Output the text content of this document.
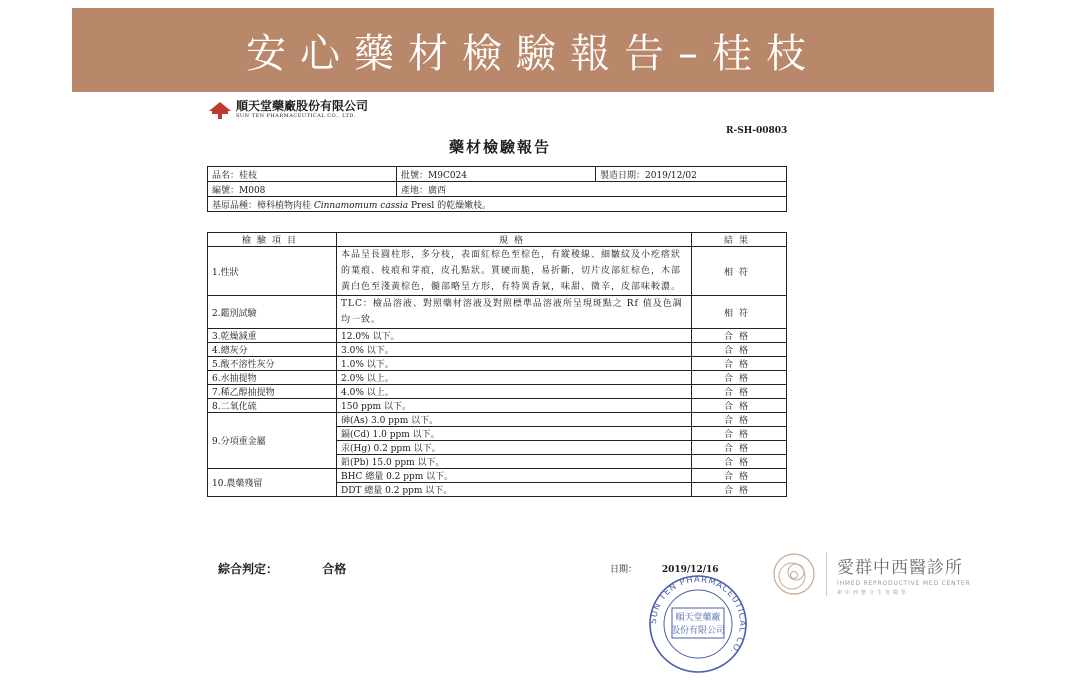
安心藥材檢驗報告–桂枝
順天堂藥廠股份有限公司
SUN TEN PHARMACEUTICAL CO., LTD.
R-SH-00803
藥材檢驗報告
品名：桂枝	批號：M9C024	製造日期：2019/12/02
編號：M008	產地：廣西	
基原品種：樟科植物肉桂 Cinnamomum cassia Presl 的乾燥嫩枝。		
檢驗項目	規格	結果
1.性狀	本品呈長圓柱形，多分枝，表面紅棕色至棕色，有縱稜線、細皺紋及小疙瘩狀的葉痕、枝痕和芽痕，皮孔點狀。質硬而脆，易折斷，切片皮部紅棕色，木部黃白色至淺黃棕色，髓部略呈方形，有特異香氣，味甜、微辛，皮部味較濃。	相符
2.鑑別試驗	TLC：檢品溶液、對照藥材溶液及對照標準品溶液所呈現斑點之 Rf 值及色調均一致。	相符
3.乾燥減重	12.0% 以下。	合格
4.總灰分	3.0% 以下。	合格
5.酸不溶性灰分	1.0% 以下。	合格
6.水抽提物	2.0% 以上。	合格
7.稀乙醇抽提物	4.0% 以上。	合格
8.二氧化硫	150 ppm 以下。	合格
9.分項重金屬	砷(As) 3.0 ppm 以下。	合格
	鎘(Cd) 1.0 ppm 以下。	合格
	汞(Hg) 0.2 ppm 以下。	合格
	鉛(Pb) 15.0 ppm 以下。	合格
10.農藥殘留	BHC 總量 0.2 ppm 以下。	合格
	DDT 總量 0.2 ppm 以下。	合格
綜合判定：	合格	日期：	2019/12/16
SUN TEN PHARMACEUTICAL CO.
順天堂藥廠
股份有限公司
愛群中西醫診所
IHMED REPRODUCTIVE MED CENTER
新中西整合生育醫學
